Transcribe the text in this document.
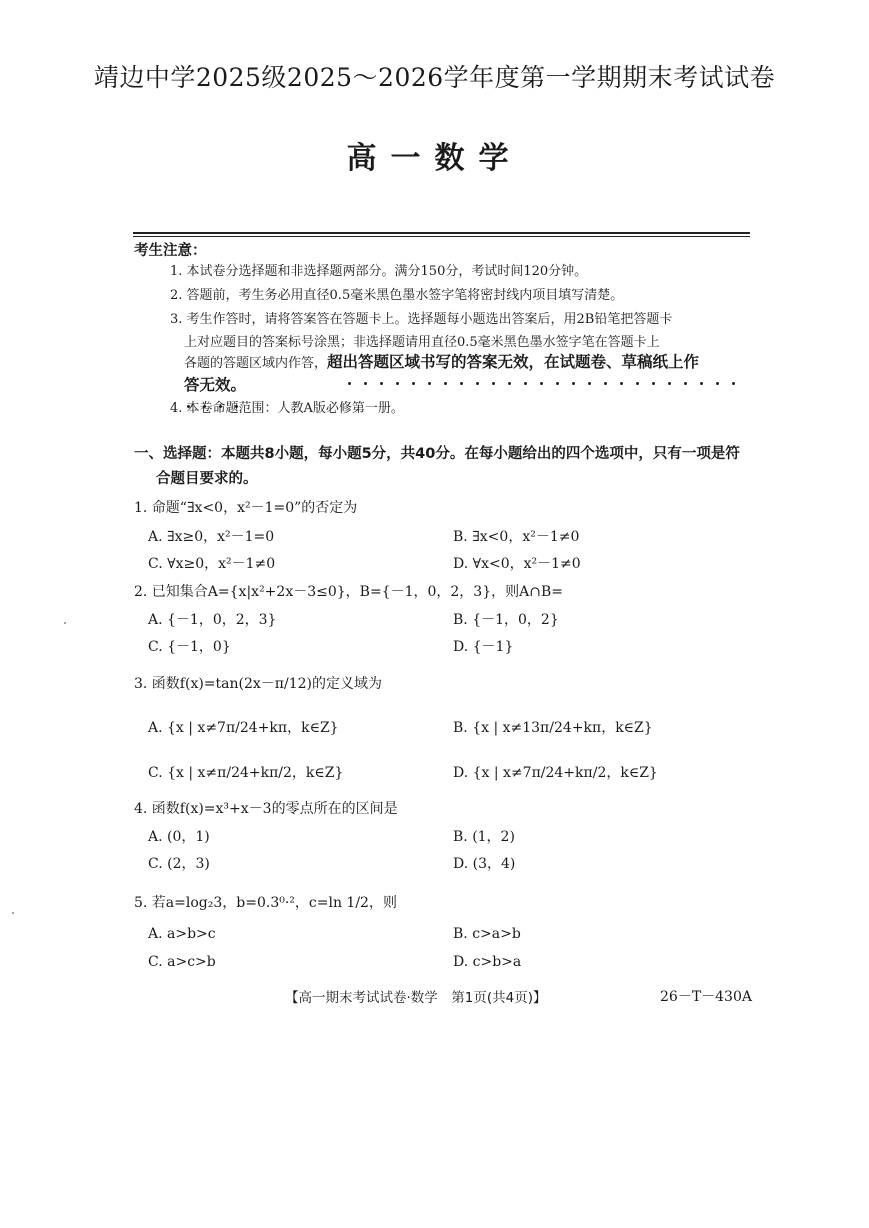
靖边中学2025级2025～2026学年度第一学期期末考试试卷
高一数学
考生注意：
1. 本试卷分选择题和非选择题两部分。满分150分，考试时间120分钟。
2. 答题前，考生务必用直径0.5毫米黑色墨水签字笔将密封线内项目填写清楚。
3. 考生作答时，请将答案答在答题卡上。选择题每小题选出答案后，用2B铅笔把答题卡
上对应题目的答案标号涂黑；非选择题请用直径0.5毫米黑色墨水签字笔在答题卡上
各题的答题区域内作答，超出答题区域书写的答案无效，在试题卷、草稿纸上作
答无效。
4. 本卷命题范围：人教A版必修第一册。
一、选择题：本题共8小题，每小题5分，共40分。在每小题给出的四个选项中，只有一项是符
合题目要求的。
1. 命题“∃x<0，x²－1=0”的否定为
A. ∃x≥0，x²－1=0	B. ∃x<0，x²－1≠0
C. ∀x≥0，x²－1≠0	D. ∀x<0，x²－1≠0
2. 已知集合A={x|x²+2x－3≤0}，B={－1，0，2，3}，则A∩B=
A. {－1，0，2，3}	B. {－1，0，2}
C. {－1，0}	D. {－1}
3. 函数f(x)=tan(2x－π/12)的定义域为
A. {x | x≠7π/24+kπ，k∈Z}	B. {x | x≠13π/24+kπ，k∈Z}
C. {x | x≠π/24+kπ/2，k∈Z}	D. {x | x≠7π/24+kπ/2，k∈Z}
4. 函数f(x)=x³+x－3的零点所在的区间是
A. (0，1)	B. (1，2)
C. (2，3)	D. (3，4)
5. 若a=log₂3，b=0.3⁰·²，c=ln 1/2，则
A. a>b>c	B. c>a>b
C. a>c>b	D. c>b>a
【高一期末考试试卷·数学　第1页(共4页)】	26－T－430A
